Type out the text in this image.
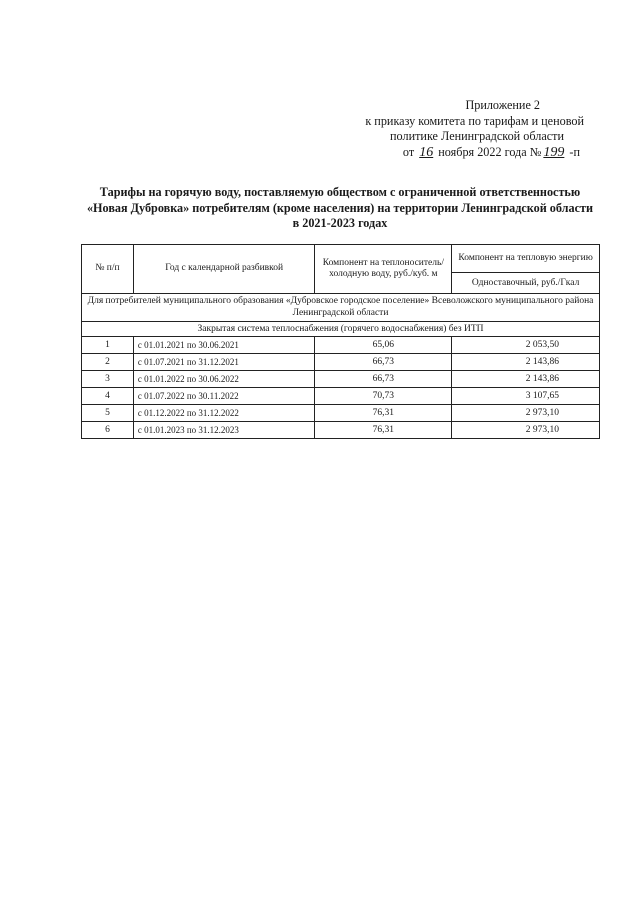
Приложение 2
к приказу комитета по тарифам и ценовой
политике Ленинградской области
от 16 ноября 2022 года № 199 -п
Тарифы на горячую воду, поставляемую обществом с ограниченной ответственностью
«Новая Дубровка» потребителям (кроме населения) на территории Ленинградской области
в 2021-2023 годах
№ п/п	Год с календарной разбивкой	Компонент на теплоноситель/ холодную воду, руб./куб. м	Компонент на тепловую энергию
			Одноставочный, руб./Гкал
Для потребителей муниципального образования «Дубровское городское поселение» Всеволожского муниципального района Ленинградской области			
Закрытая система теплоснабжения (горячего водоснабжения) без ИТП			
1	с 01.01.2021 по 30.06.2021	65,06	2 053,50
2	с 01.07.2021 по 31.12.2021	66,73	2 143,86
3	с 01.01.2022 по 30.06.2022	66,73	2 143,86
4	с 01.07.2022 по 30.11.2022	70,73	3 107,65
5	с 01.12.2022 по 31.12.2022	76,31	2 973,10
6	с 01.01.2023 по 31.12.2023	76,31	2 973,10
